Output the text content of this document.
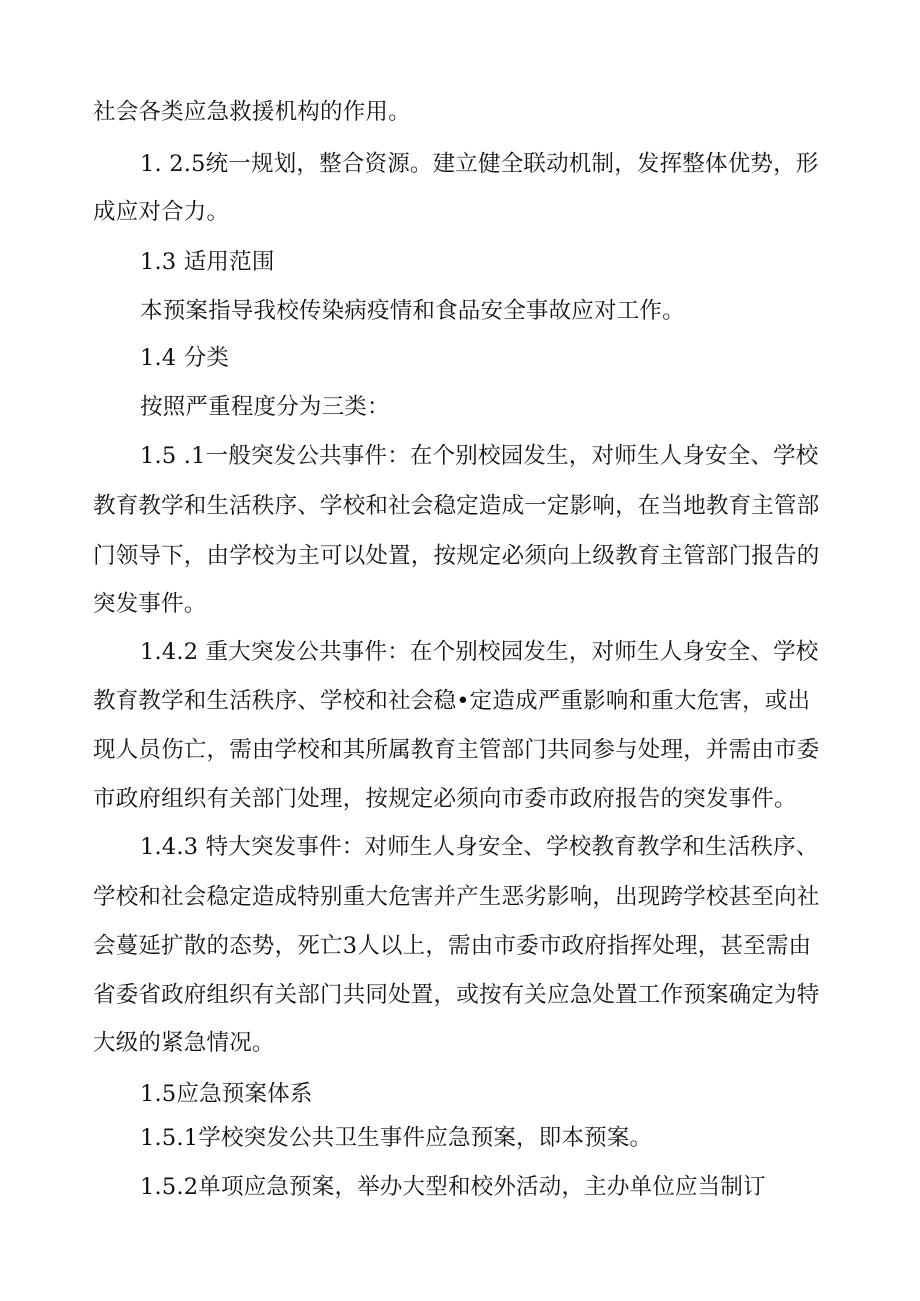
社会各类应急救援机构的作用。
1. 2.5统一规划，整合资源。建立健全联动机制，发挥整体优势，形
成应对合力。
1.3 适用范围
本预案指导我校传染病疫情和食品安全事故应对工作。
1.4 分类
按照严重程度分为三类：
1.5 .1一般突发公共事件：在个别校园发生，对师生人身安全、学校
教育教学和生活秩序、学校和社会稳定造成一定影响，在当地教育主管部
门领导下，由学校为主可以处置，按规定必须向上级教育主管部门报告的
突发事件。
1.4.2 重大突发公共事件：在个别校园发生，对师生人身安全、学校
教育教学和生活秩序、学校和社会稳•定造成严重影响和重大危害，或出
现人员伤亡，需由学校和其所属教育主管部门共同参与处理，并需由市委
市政府组织有关部门处理，按规定必须向市委市政府报告的突发事件。
1.4.3 特大突发事件：对师生人身安全、学校教育教学和生活秩序、
学校和社会稳定造成特别重大危害并产生恶劣影响，出现跨学校甚至向社
会蔓延扩散的态势，死亡3人以上，需由市委市政府指挥处理，甚至需由
省委省政府组织有关部门共同处置，或按有关应急处置工作预案确定为特
大级的紧急情况。
1.5应急预案体系
1.5.1学校突发公共卫生事件应急预案，即本预案。
1.5.2单项应急预案，举办大型和校外活动，主办单位应当制订
